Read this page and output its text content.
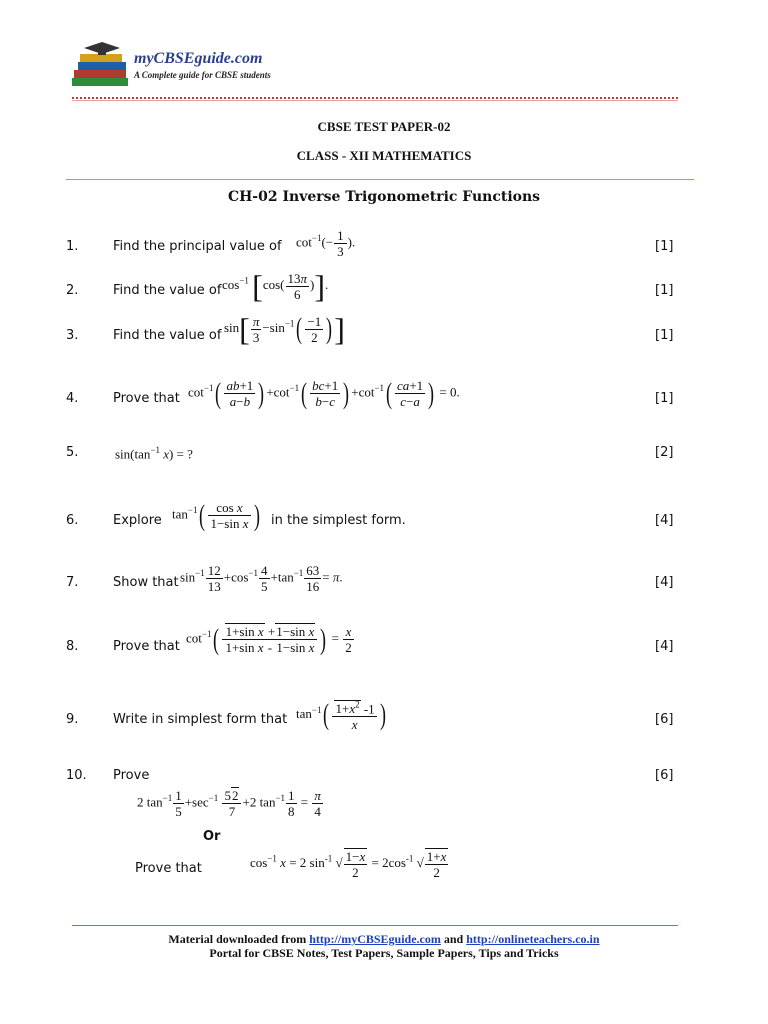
myCBSEguide.com
A Complete guide for CBSE students
CBSE TEST PAPER-02
CLASS - XII MATHEMATICS
CH-02 Inverse Trigonometric Functions
1.	Find the principal value of $\cot^{-1}(- \frac{1}{3}$ ).	[1]
2.	Find the value of $\cos^{-1} [\cos( \frac{13\pi}{6}$ )].	[1]
3.	Find the value of
$\sin[ \frac{\pi}{3} -\sin^{-1}( \frac{-1}{2}$ )]	[1]
4.	Prove that $\cot^{-1}( \frac{ab+1}{a-b}$ ) $+\cot^{-1}( \frac{bc+1}{b-c}$ ) $+\cot^{-1}( \frac{ca+1}{c-a}$ ) = 0.	[1]
5.	$\sin(\tan^{-1}$ x) = ?	[2]
6.	Explore $\tan^{-1}( \frac{\text{cos x}}{\text{1−sin x}}$ ) in the simplest form.	[4]
7.	Show that $\sin^{-1} \frac{12}{13} +\cos^{-1} \frac{4}{5} +\tan^{-1} \frac{63}{16} = \pi$.	[4]
8.	Prove that
$\cot^{-1}( \frac{\text{1+sin x +1−sin x}}{\text{1+sin x - 1−sin x}}$ ) = $\frac{x}{2}$	[4]
9.	Write in simplest form that $\tan^{-1}( \frac{1+x^2 -1}{x}$ )	[6]
10. Prove	[6]
2 $\tan^{-1} \frac{1}{5} +\sec^{-1} \frac{52}{7} +2$ $\tan^{-1} \frac{1}{8} = \frac{\pi}{4}$
Or
Prove that	$\cos^{-1} x = 2$ $\sin^{-1}$ √ $\frac{1-x}{2} = 2\cos^{-1}$ √ $\frac{1+x}{2}$
Material downloaded from http://myCBSEguide.com and http://onlineteachers.co.in
Portal for CBSE Notes, Test Papers, Sample Papers, Tips and Tricks
